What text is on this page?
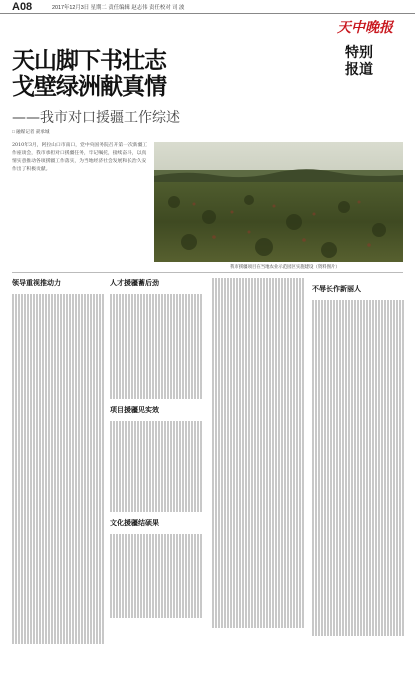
A08	2017年12月3日 星期二 责任编辑 赵志伟 责任校对 司 波
天中晚报
特别
报道
天山脚下书壮志
戈壁绿洲献真情
——我市对口援疆工作综述
□ 融媒记者 聂承城
2010年3月，阿拉山口市南口，党中央国务院召开第一次新疆工作座谈会，我市承担对口援疆任务，牢记嘱托，接续奋斗，以真情实意推动各项援疆工作落实，为当地经济社会发展和长治久安作出了积极贡献。
我市援疆项目在当地农业示范园区实施建设（资料图片）
领导重视推动力	人才援疆蓄后劲
项目援疆见实效
文化援疆结硕果
不辱长作新丽人
